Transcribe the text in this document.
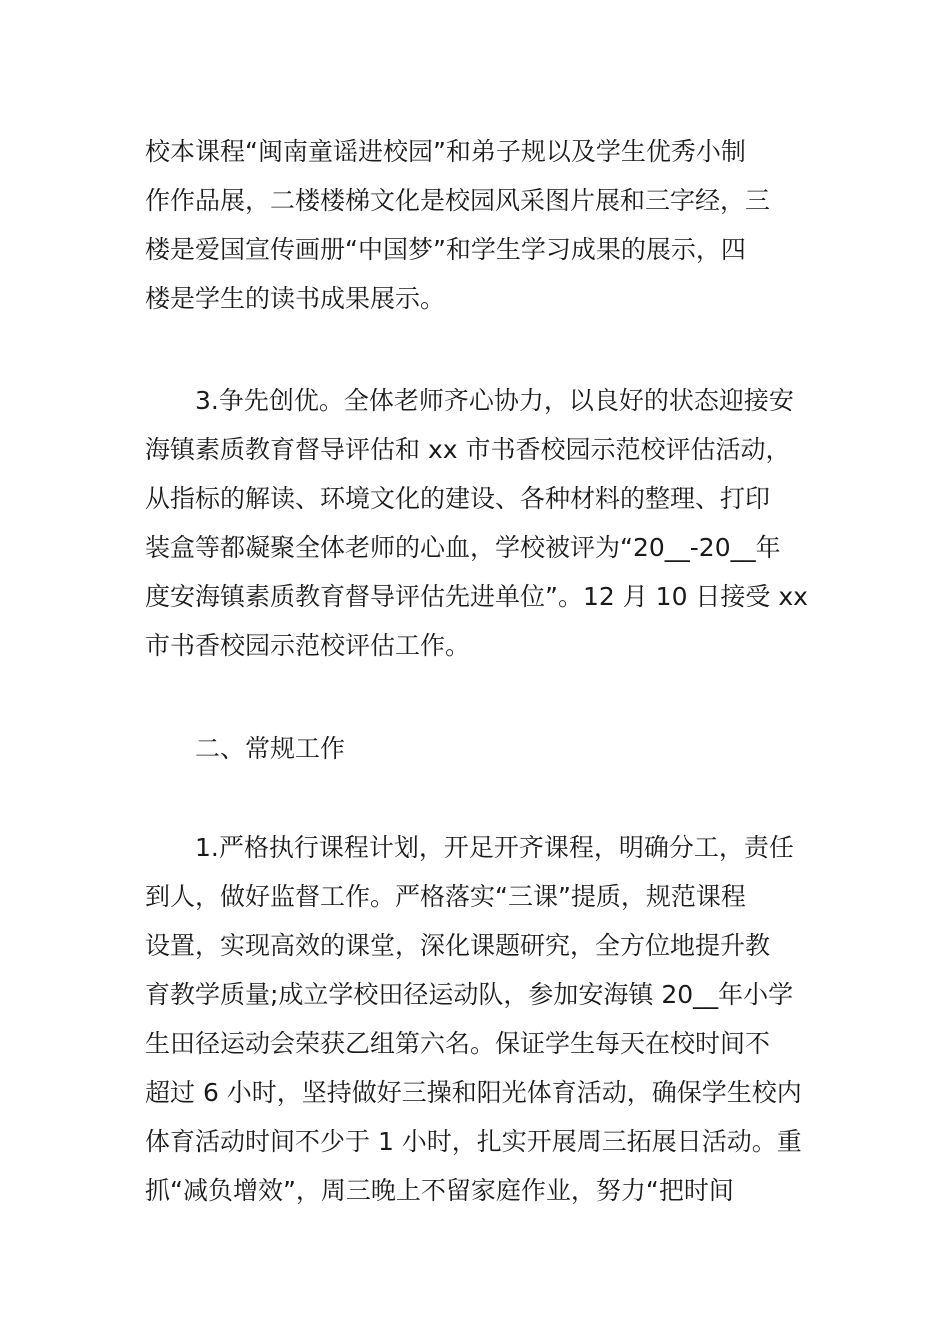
校本课程“闽南童谣进校园”和弟子规以及学生优秀小制
作作品展，二楼楼梯文化是校园风采图片展和三字经，三
楼是爱国宣传画册“中国梦”和学生学习成果的展示，四
楼是学生的读书成果展示。

3.争先创优。全体老师齐心协力，以良好的状态迎接安
海镇素质教育督导评估和 xx 市书香校园示范校评估活动，
从指标的解读、环境文化的建设、各种材料的整理、打印
装盒等都凝聚全体老师的心血，学校被评为“20__-20__年
度安海镇素质教育督导评估先进单位”。12 月 10 日接受 xx
市书香校园示范校评估工作。

二、常规工作

1.严格执行课程计划，开足开齐课程，明确分工，责任
到人，做好监督工作。严格落实“三课”提质，规范课程
设置，实现高效的课堂，深化课题研究，全方位地提升教
育教学质量;成立学校田径运动队，参加安海镇 20__年小学
生田径运动会荣获乙组第六名。保证学生每天在校时间不
超过 6 小时，坚持做好三操和阳光体育活动，确保学生校内
体育活动时间不少于 1 小时，扎实开展周三拓展日活动。重
抓“减负增效”，周三晚上不留家庭作业，努力“把时间
